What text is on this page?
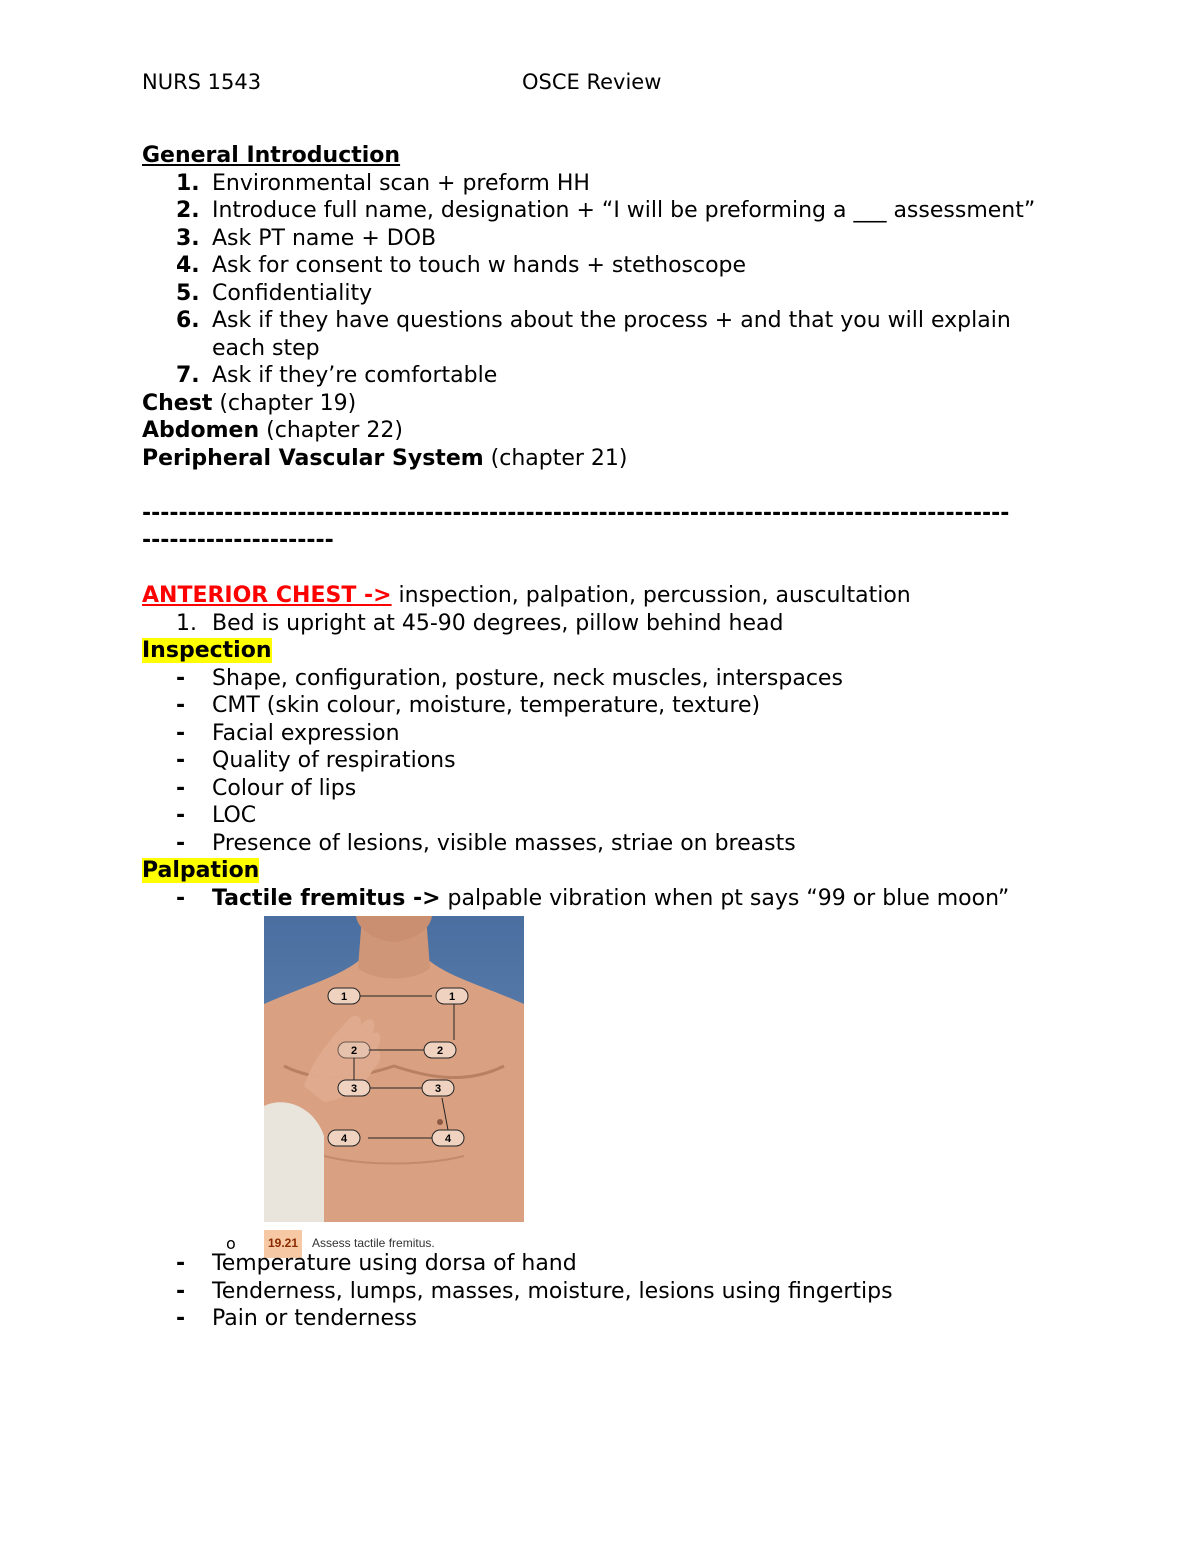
NURS 1543	OSCE Review
General Introduction
1. Environmental scan + preform HH
2. Introduce full name, designation + “I will be preforming a ___ assessment”
3. Ask PT name + DOB
4. Ask for consent to touch w hands + stethoscope
5. Confidentiality
6. Ask if they have questions about the process + and that you will explain each step
7. Ask if they’re comfortable
Chest (chapter 19)
Abdomen (chapter 22)
Peripheral Vascular System (chapter 21)
-----------------------------------------------------------------------------------------------
---------------------
ANTERIOR CHEST -> inspection, palpation, percussion, auscultation
1. Bed is upright at 45-90 degrees, pillow behind head
Inspection
- Shape, configuration, posture, neck muscles, interspaces
- CMT (skin colour, moisture, temperature, texture)
- Facial expression
- Quality of respirations
- Colour of lips
- LOC
- Presence of lesions, visible masses, striae on breasts
Palpation
- Tactile fremitus -> palpable vibration when pt says “99 or blue moon”
1	1
2	2
3	3
4	4
o	19.21	Assess tactile fremitus.
- Temperature using dorsa of hand
- Tenderness, lumps, masses, moisture, lesions using fingertips
- Pain or tenderness
